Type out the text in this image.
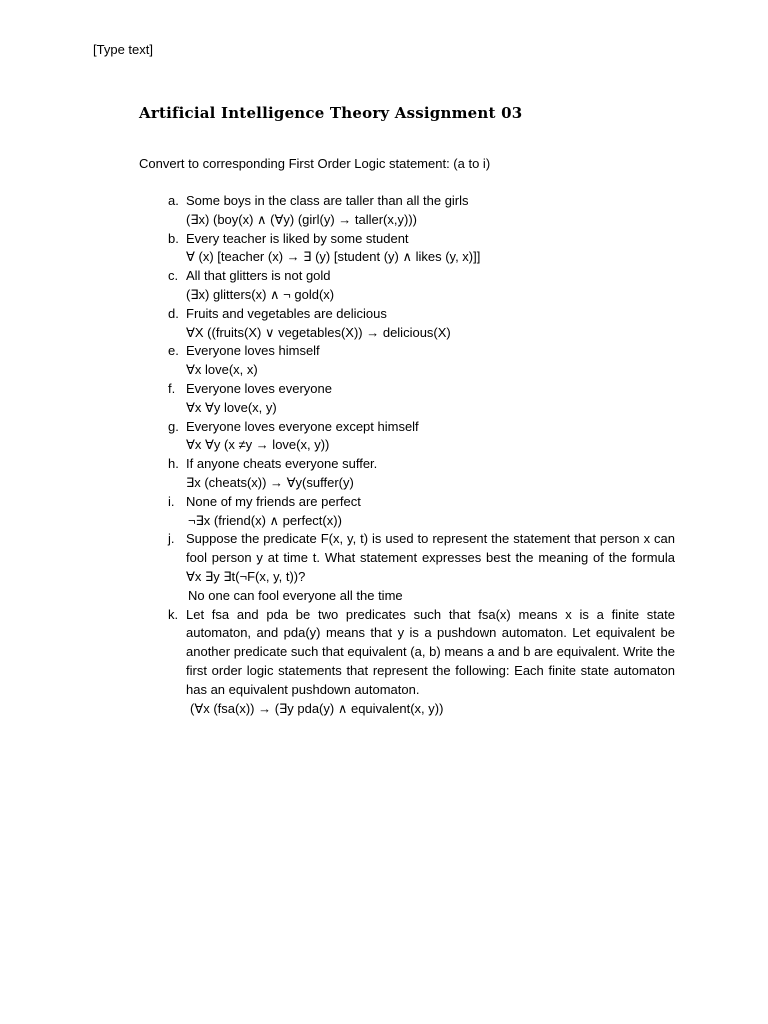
[Type text]
Artificial Intelligence Theory Assignment 03
Convert to corresponding First Order Logic statement: (a to i)
a. Some boys in the class are taller than all the girls
(∃x) (boy(x) ∧ (∀y) (girl(y) → taller(x,y)))
b. Every teacher is liked by some student
∀ (x) [teacher (x) → ∃ (y) [student (y) ∧ likes (y, x)]]
c. All that glitters is not gold
(∃x) glitters(x) ∧ ¬ gold(x)
d. Fruits and vegetables are delicious
∀X ((fruits(X) ∨ vegetables(X)) → delicious(X)
e. Everyone loves himself
∀x love(x, x)
f. Everyone loves everyone
∀x ∀y love(x, y)
g. Everyone loves everyone except himself
∀x ∀y (x ≠y → love(x, y))
h. If anyone cheats everyone suffer.
∃x (cheats(x)) → ∀y(suffer(y)
i. None of my friends are perfect
¬∃x (friend(x) ∧ perfect(x))
j. Suppose the predicate F(x, y, t) is used to represent the statement that person x can fool person y at time t. What statement expresses best the meaning of the formula ∀x ∃y ∃t(¬F(x, y, t))?
No one can fool everyone all the time
k. Let fsa and pda be two predicates such that fsa(x) means x is a finite state automaton, and pda(y) means that y is a pushdown automaton. Let equivalent be another predicate such that equivalent (a, b) means a and b are equivalent. Write the first order logic statements that represent the following: Each finite state automaton has an equivalent pushdown automaton.
(∀x (fsa(x)) → (∃y pda(y) ∧ equivalent(x, y))
